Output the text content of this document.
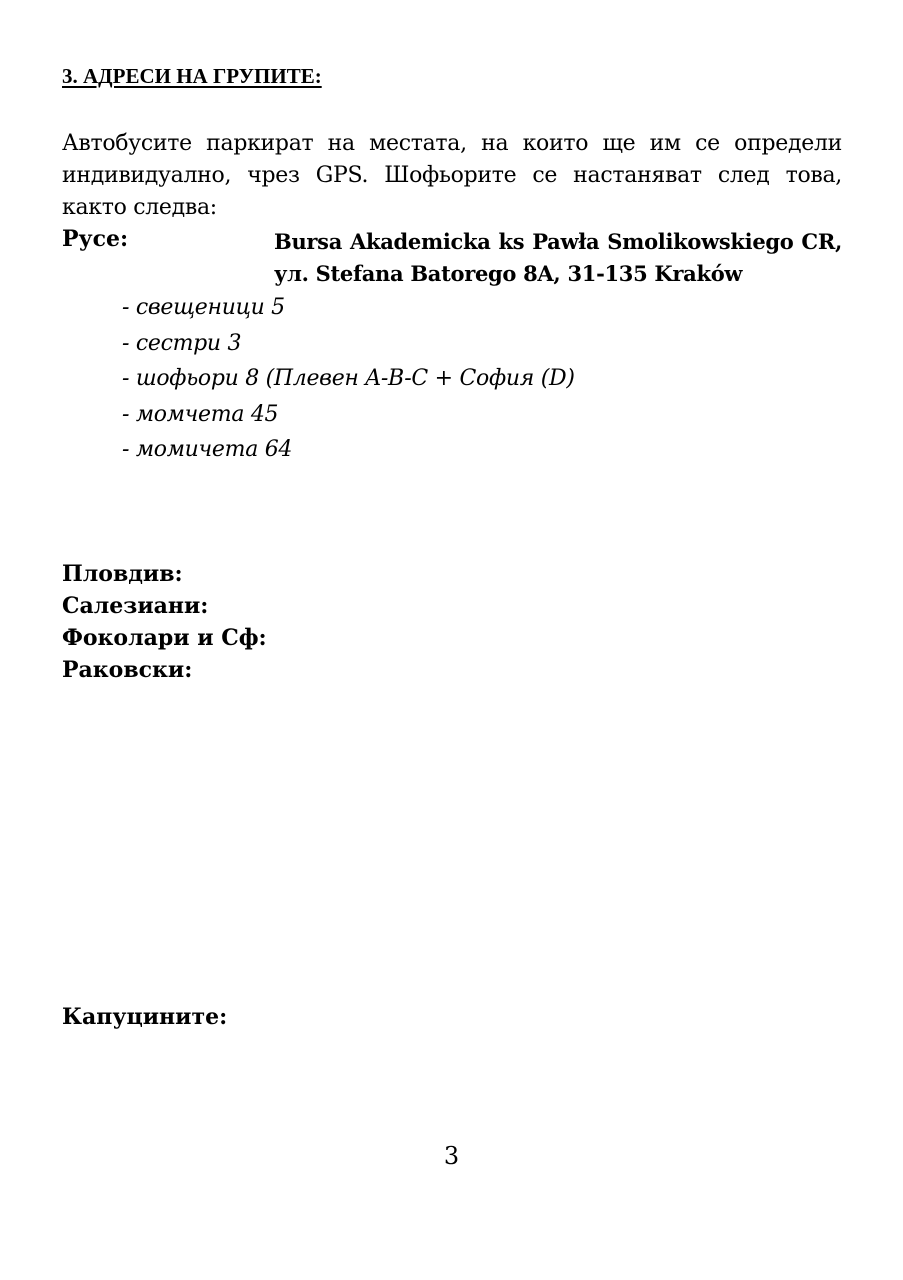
3. АДРЕСИ НА ГРУПИТЕ:
Автобусите паркират на местата, на които ще им се определи индивидуално, чрез GPS. Шофьорите се настаняват след това, както следва:
Русе:	Bursa Akademicka ks Pawła Smolikowskiego CR, ул. Stefana Batorego 8A, 31-135 Kraków
- свещеници 5
- сестри 3
- шофьори 8 (Плевен A-B-C + София (D)
- момчета 45
- момичета 64
Пловдив:
Салезиани:
Фоколари и Сф:
Раковски:
Капуцините:
3
